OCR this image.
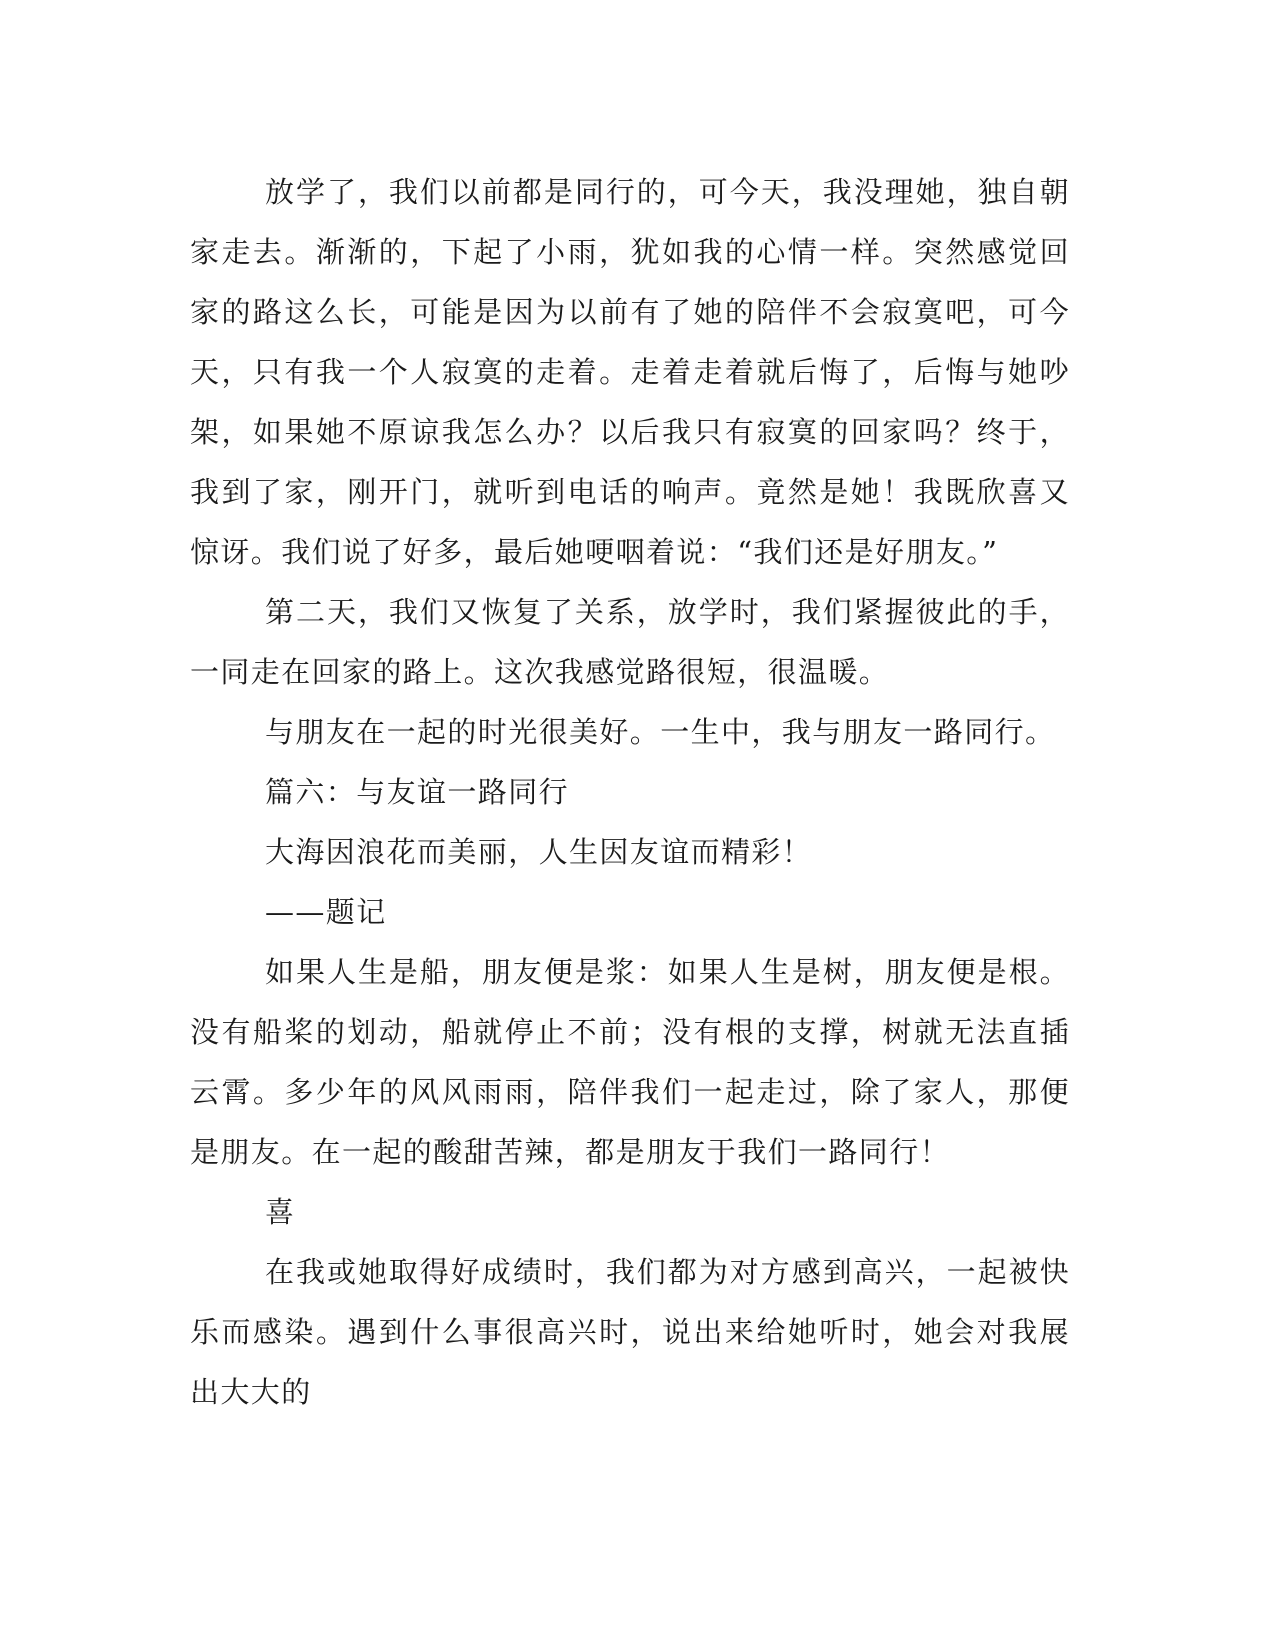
放学了，我们以前都是同行的，可今天，我没理她，独自朝家走去。渐渐的，下起了小雨，犹如我的心情一样。突然感觉回家的路这么长，可能是因为以前有了她的陪伴不会寂寞吧，可今天，只有我一个人寂寞的走着。走着走着就后悔了，后悔与她吵架，如果她不原谅我怎么办？以后我只有寂寞的回家吗？终于，我到了家，刚开门，就听到电话的响声。竟然是她！我既欣喜又惊讶。我们说了好多，最后她哽咽着说：“我们还是好朋友。”

第二天，我们又恢复了关系，放学时，我们紧握彼此的手，一同走在回家的路上。这次我感觉路很短，很温暖。

与朋友在一起的时光很美好。一生中，我与朋友一路同行。

篇六：与友谊一路同行

大海因浪花而美丽，人生因友谊而精彩！

——题记

如果人生是船，朋友便是浆：如果人生是树，朋友便是根。没有船桨的划动，船就停止不前；没有根的支撑，树就无法直插云霄。多少年的风风雨雨，陪伴我们一起走过，除了家人，那便是朋友。在一起的酸甜苦辣，都是朋友于我们一路同行！

喜

在我或她取得好成绩时，我们都为对方感到高兴，一起被快乐而感染。遇到什么事很高兴时，说出来给她听时，她会对我展出大大的
